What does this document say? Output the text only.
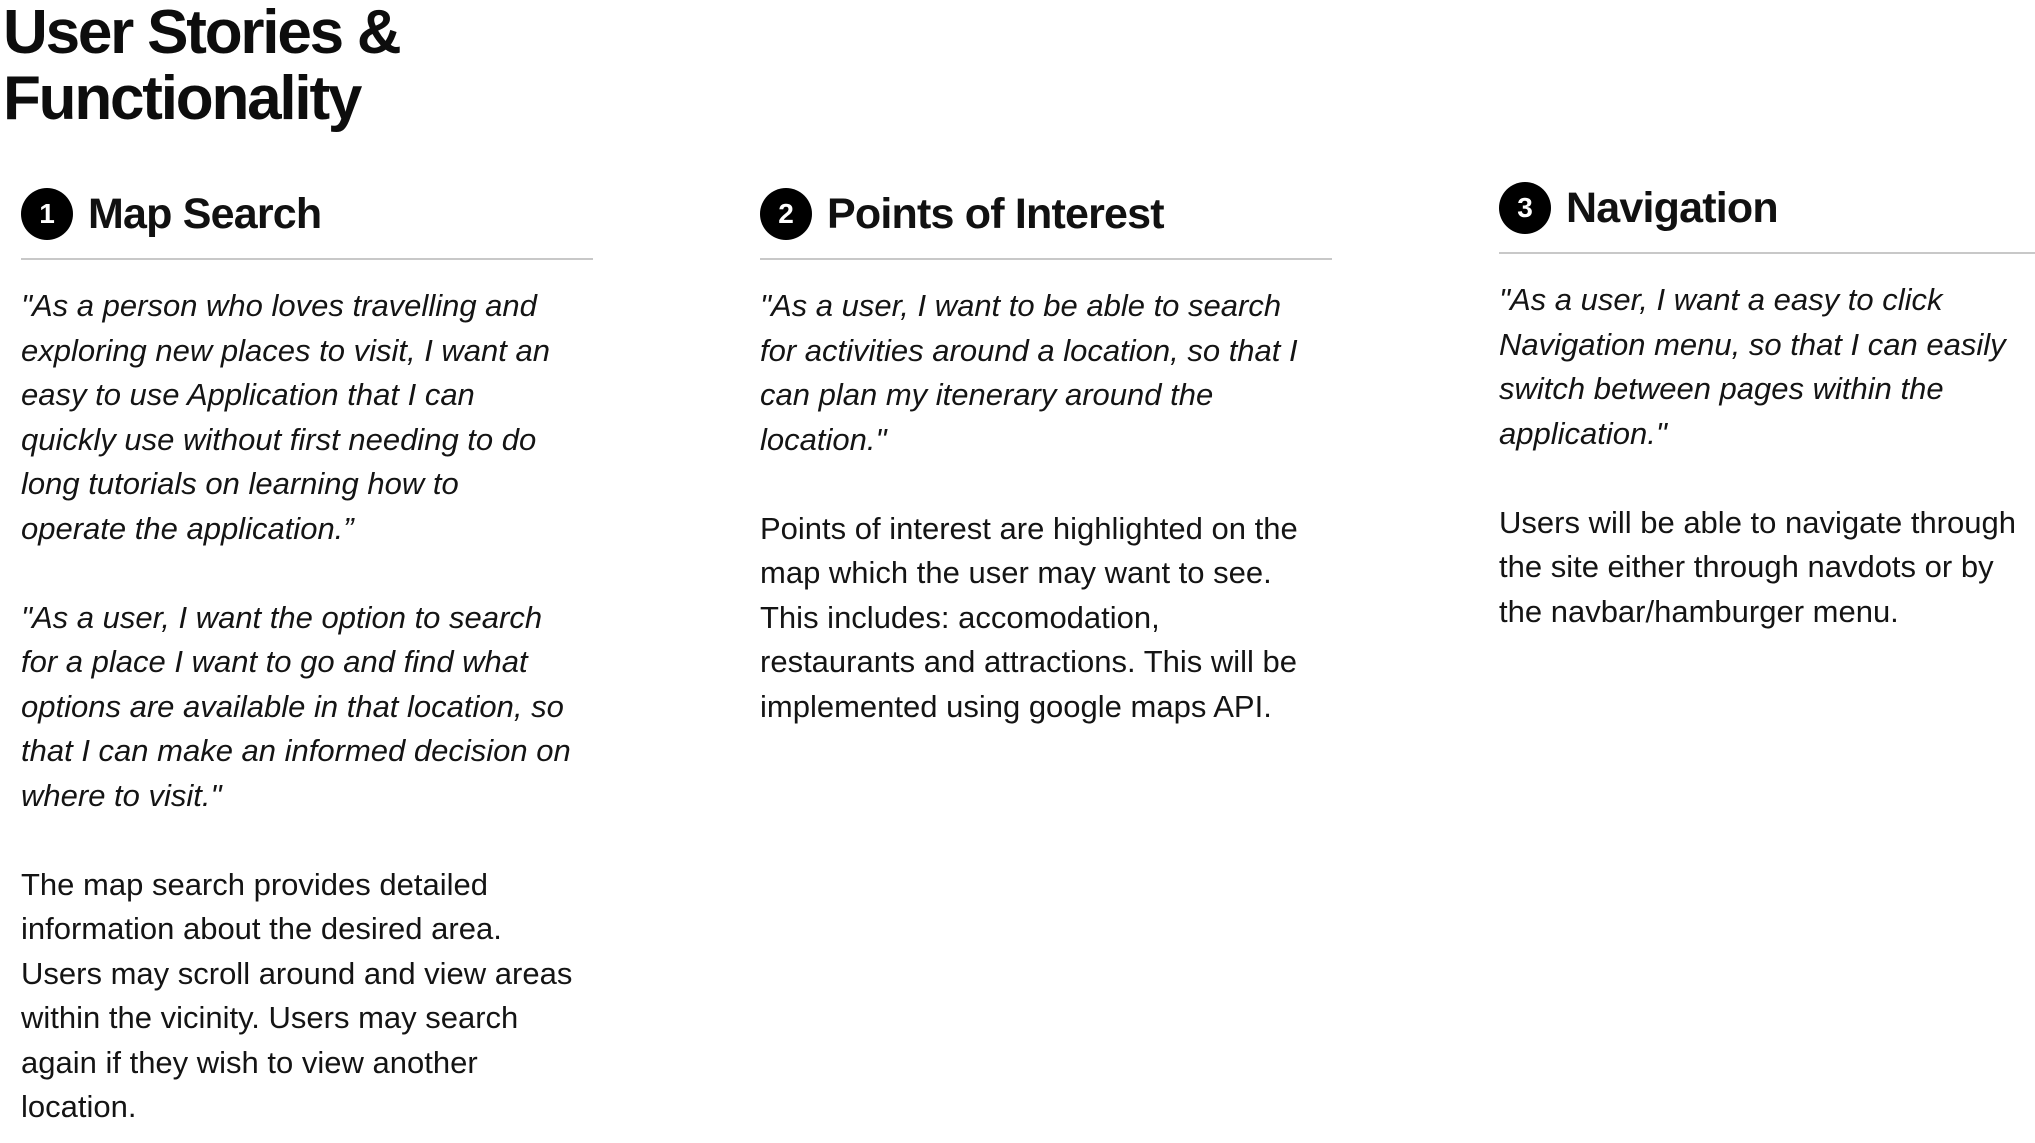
User Stories &
Functionality
1 Map Search

"As a person who loves travelling and
exploring new places to visit, I want an
easy to use Application that I can
quickly use without first needing to do
long tutorials on learning how to
operate the application.”

"As a user, I want the option to search
for a place I want to go and find what
options are available in that location, so
that I can make an informed decision on
where to visit."

The map search provides detailed
information about the desired area.
Users may scroll around and view areas
within the vicinity. Users may search
again if they wish to view another
location.

2 Points of Interest

"As a user, I want to be able to search
for activities around a location, so that I
can plan my itenerary around the
location."

Points of interest are highlighted on the
map which the user may want to see.
This includes: accomodation,
restaurants and attractions. This will be
implemented using google maps API.

3 Navigation

"As a user, I want a easy to click
Navigation menu, so that I can easily
switch between pages within the
application."

Users will be able to navigate through
the site either through navdots or by
the navbar/hamburger menu.
